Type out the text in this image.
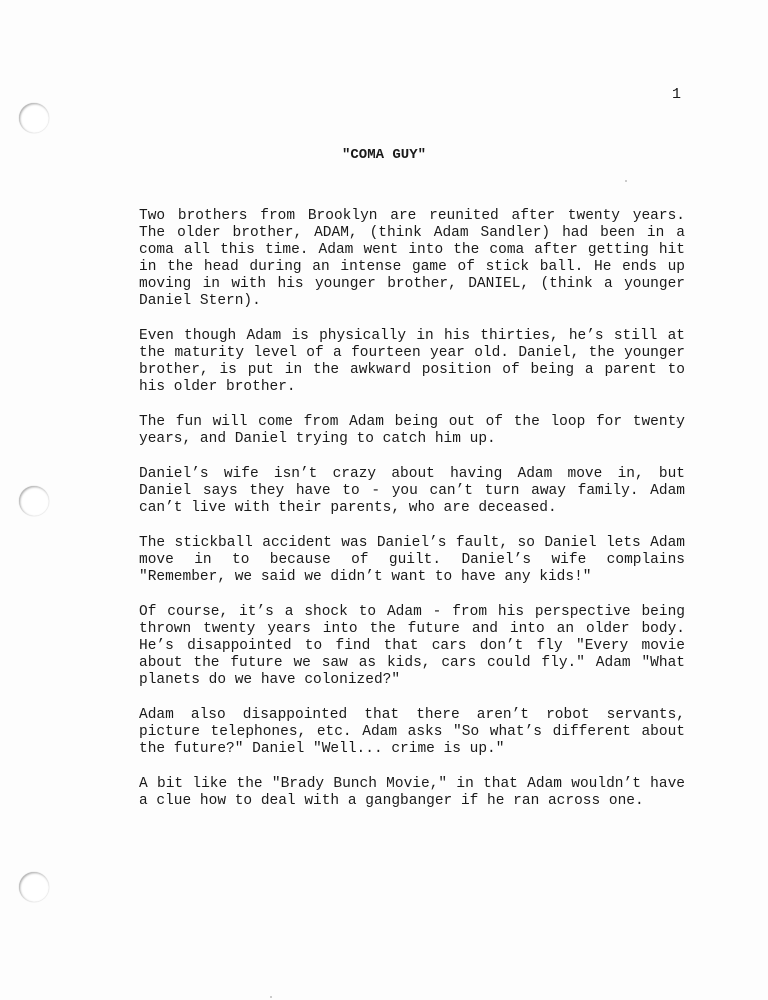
1
"COMA GUY"

Two brothers from Brooklyn are reunited after twenty years. The older brother, ADAM, (think Adam Sandler) had been in a coma all this time. Adam went into the coma after getting hit in the head during an intense game of stick ball. He ends up moving in with his younger brother, DANIEL, (think a younger Daniel Stern).

Even though Adam is physically in his thirties, he’s still at the maturity level of a fourteen year old. Daniel, the younger brother, is put in the awkward position of being a parent to his older brother.

The fun will come from Adam being out of the loop for twenty years, and Daniel trying to catch him up.

Daniel’s wife isn’t crazy about having Adam move in, but Daniel says they have to - you can’t turn away family. Adam can’t live with their parents, who are deceased.

The stickball accident was Daniel’s fault, so Daniel lets Adam move in to because of guilt. Daniel’s wife complains "Remember, we said we didn’t want to have any kids!"

Of course, it’s a shock to Adam - from his perspective being thrown twenty years into the future and into an older body. He’s disappointed to find that cars don’t fly "Every movie about the future we saw as kids, cars could fly." Adam "What planets do we have colonized?"

Adam also disappointed that there aren’t robot servants, picture telephones, etc. Adam asks "So what’s different about the future?" Daniel "Well... crime is up."

A bit like the "Brady Bunch Movie," in that Adam wouldn’t have a clue how to deal with a gangbanger if he ran across one.
